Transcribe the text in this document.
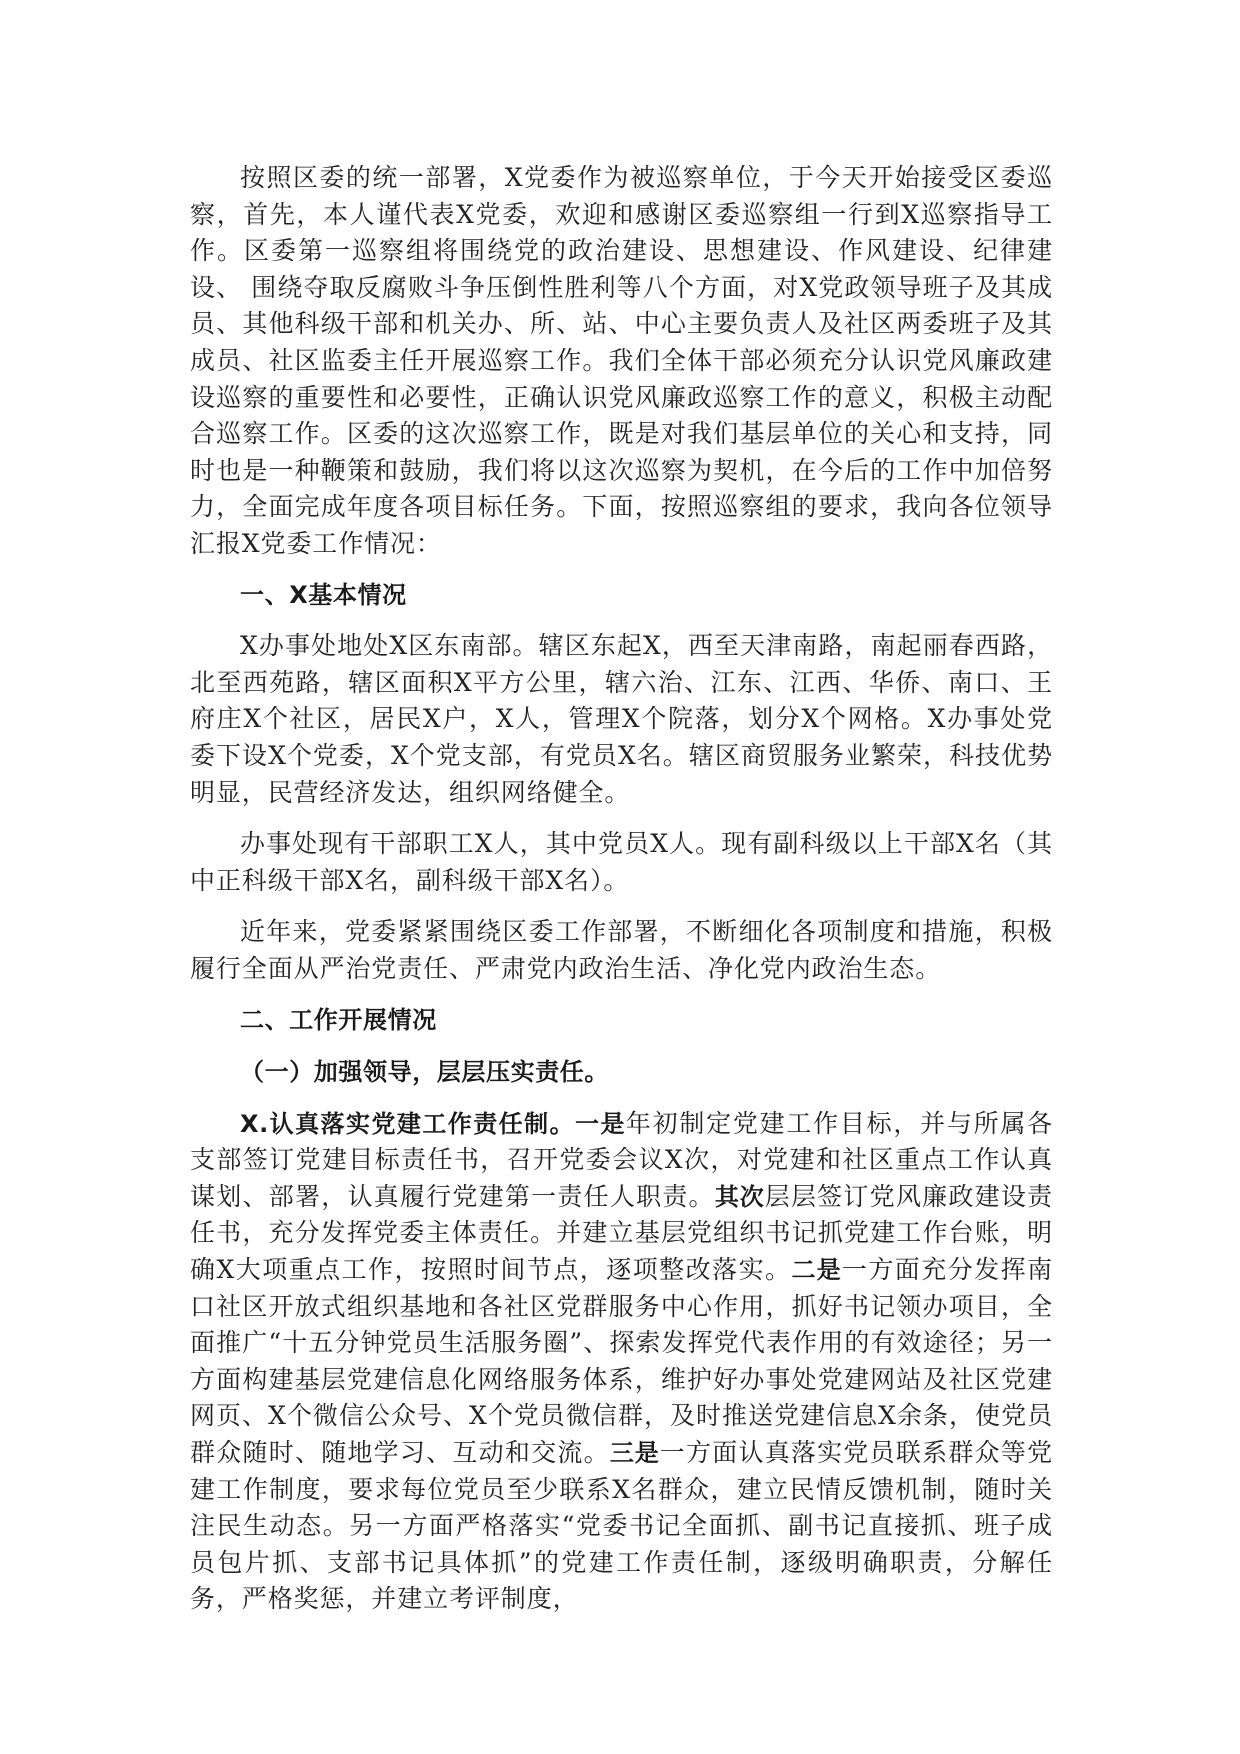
按照区委的统一部署，X党委作为被巡察单位，于今天开始接受区委巡察，首先，本人谨代表X党委，欢迎和感谢区委巡察组一行到X巡察指导工作。区委第一巡察组将围绕党的政治建设、思想建设、作风建设、纪律建设、 围绕夺取反腐败斗争压倒性胜利等八个方面，对X党政领导班子及其成员、其他科级干部和机关办、所、站、中心主要负责人及社区两委班子及其成员、社区监委主任开展巡察工作。我们全体干部必须充分认识党风廉政建设巡察的重要性和必要性，正确认识党风廉政巡察工作的意义，积极主动配合巡察工作。区委的这次巡察工作，既是对我们基层单位的关心和支持，同时也是一种鞭策和鼓励，我们将以这次巡察为契机，在今后的工作中加倍努力，全面完成年度各项目标任务。下面，按照巡察组的要求，我向各位领导汇报X党委工作情况：

一、X基本情况

X办事处地处X区东南部。辖区东起X，西至天津南路，南起丽春西路，北至西苑路，辖区面积X平方公里，辖六治、江东、江西、华侨、南口、王府庄X个社区，居民X户，X人，管理X个院落，划分X个网格。X办事处党委下设X个党委，X个党支部，有党员X名。辖区商贸服务业繁荣，科技优势明显，民营经济发达，组织网络健全。

办事处现有干部职工X人，其中党员X人。现有副科级以上干部X名（其中正科级干部X名，副科级干部X名）。

近年来，党委紧紧围绕区委工作部署，不断细化各项制度和措施，积极履行全面从严治党责任、严肃党内政治生活、净化党内政治生态。

二、工作开展情况

（一）加强领导，层层压实责任。

X.认真落实党建工作责任制。一是年初制定党建工作目标，并与所属各支部签订党建目标责任书，召开党委会议X次，对党建和社区重点工作认真谋划、部署，认真履行党建第一责任人职责。其次层层签订党风廉政建设责任书，充分发挥党委主体责任。并建立基层党组织书记抓党建工作台账，明确X大项重点工作，按照时间节点，逐项整改落实。二是一方面充分发挥南口社区开放式组织基地和各社区党群服务中心作用，抓好书记领办项目，全面推广“十五分钟党员生活服务圈”、探索发挥党代表作用的有效途径；另一方面构建基层党建信息化网络服务体系，维护好办事处党建网站及社区党建网页、X个微信公众号、X个党员微信群，及时推送党建信息X余条，使党员群众随时、随地学习、互动和交流。三是一方面认真落实党员联系群众等党建工作制度，要求每位党员至少联系X名群众，建立民情反馈机制，随时关注民生动态。另一方面严格落实“党委书记全面抓、副书记直接抓、班子成员包片抓、支部书记具体抓”的党建工作责任制，逐级明确职责，分解任务，严格奖惩，并建立考评制度，
